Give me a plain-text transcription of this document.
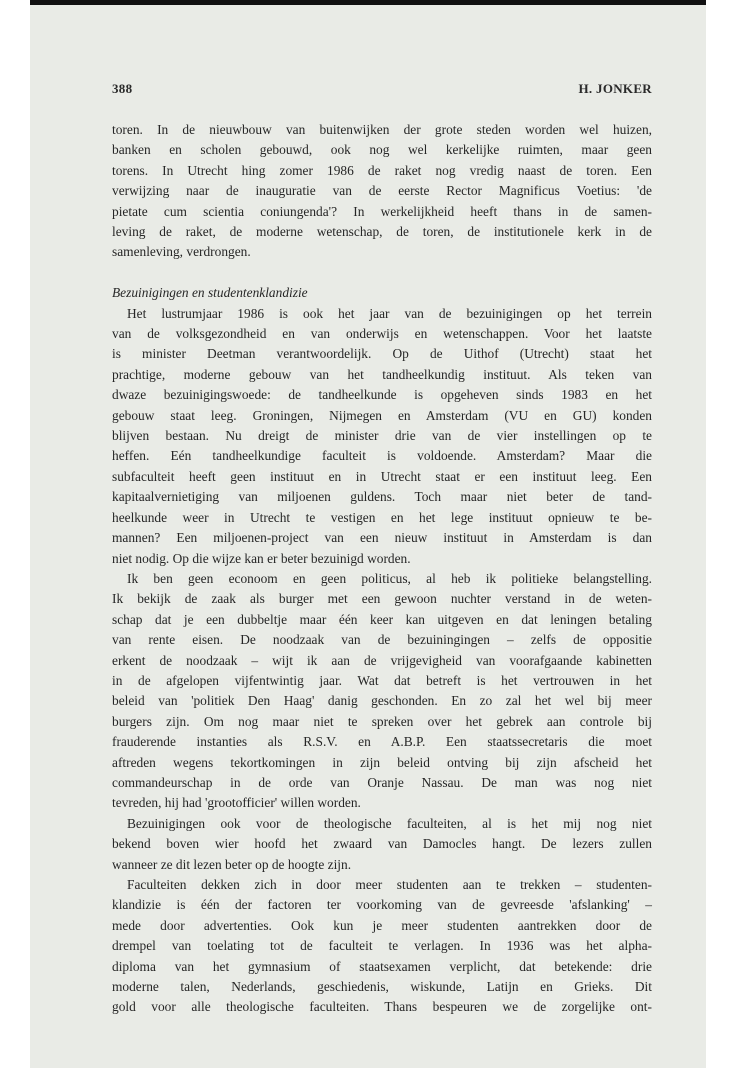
388	H. JONKER

toren. In de nieuwbouw van buitenwijken der grote steden worden wel huizen,

banken en scholen gebouwd, ook nog wel kerkelijke ruimten, maar geen

torens. In Utrecht hing zomer 1986 de raket nog vredig naast de toren. Een

verwijzing naar de inauguratie van de eerste Rector Magnificus Voetius: 'de

pietate cum scientia coniungenda'? In werkelijkheid heeft thans in de samen-

leving de raket, de moderne wetenschap, de toren, de institutionele kerk in de

samenleving, verdrongen.

Bezuinigingen en studentenklandizie

Het lustrumjaar 1986 is ook het jaar van de bezuinigingen op het terrein

van de volksgezondheid en van onderwijs en wetenschappen. Voor het laatste

is minister Deetman verantwoordelijk. Op de Uithof (Utrecht) staat het

prachtige, moderne gebouw van het tandheelkundig instituut. Als teken van

dwaze bezuinigingswoede: de tandheelkunde is opgeheven sinds 1983 en het

gebouw staat leeg. Groningen, Nijmegen en Amsterdam (VU en GU) konden

blijven bestaan. Nu dreigt de minister drie van de vier instellingen op te

heffen. Eén tandheelkundige faculteit is voldoende. Amsterdam? Maar die

subfaculteit heeft geen instituut en in Utrecht staat er een instituut leeg. Een

kapitaalvernietiging van miljoenen guldens. Toch maar niet beter de tand-

heelkunde weer in Utrecht te vestigen en het lege instituut opnieuw te be-

mannen? Een miljoenen-project van een nieuw instituut in Amsterdam is dan

niet nodig. Op die wijze kan er beter bezuinigd worden.

Ik ben geen econoom en geen politicus, al heb ik politieke belangstelling.

Ik bekijk de zaak als burger met een gewoon nuchter verstand in de weten-

schap dat je een dubbeltje maar één keer kan uitgeven en dat leningen betaling

van rente eisen. De noodzaak van de bezuiningingen – zelfs de oppositie

erkent de noodzaak – wijt ik aan de vrijgevigheid van voorafgaande kabinetten

in de afgelopen vijfentwintig jaar. Wat dat betreft is het vertrouwen in het

beleid van 'politiek Den Haag' danig geschonden. En zo zal het wel bij meer

burgers zijn. Om nog maar niet te spreken over het gebrek aan controle bij

frauderende instanties als R.S.V. en A.B.P. Een staatssecretaris die moet

aftreden wegens tekortkomingen in zijn beleid ontving bij zijn afscheid het

commandeurschap in de orde van Oranje Nassau. De man was nog niet

tevreden, hij had 'grootofficier' willen worden.

Bezuinigingen ook voor de theologische faculteiten, al is het mij nog niet

bekend boven wier hoofd het zwaard van Damocles hangt. De lezers zullen

wanneer ze dit lezen beter op de hoogte zijn.

Faculteiten dekken zich in door meer studenten aan te trekken – studenten-

klandizie is één der factoren ter voorkoming van de gevreesde 'afslanking' –

mede door advertenties. Ook kun je meer studenten aantrekken door de

drempel van toelating tot de faculteit te verlagen. In 1936 was het alpha-

diploma van het gymnasium of staatsexamen verplicht, dat betekende: drie

moderne talen, Nederlands, geschiedenis, wiskunde, Latijn en Grieks. Dit

gold voor alle theologische faculteiten. Thans bespeuren we de zorgelijke ont-
